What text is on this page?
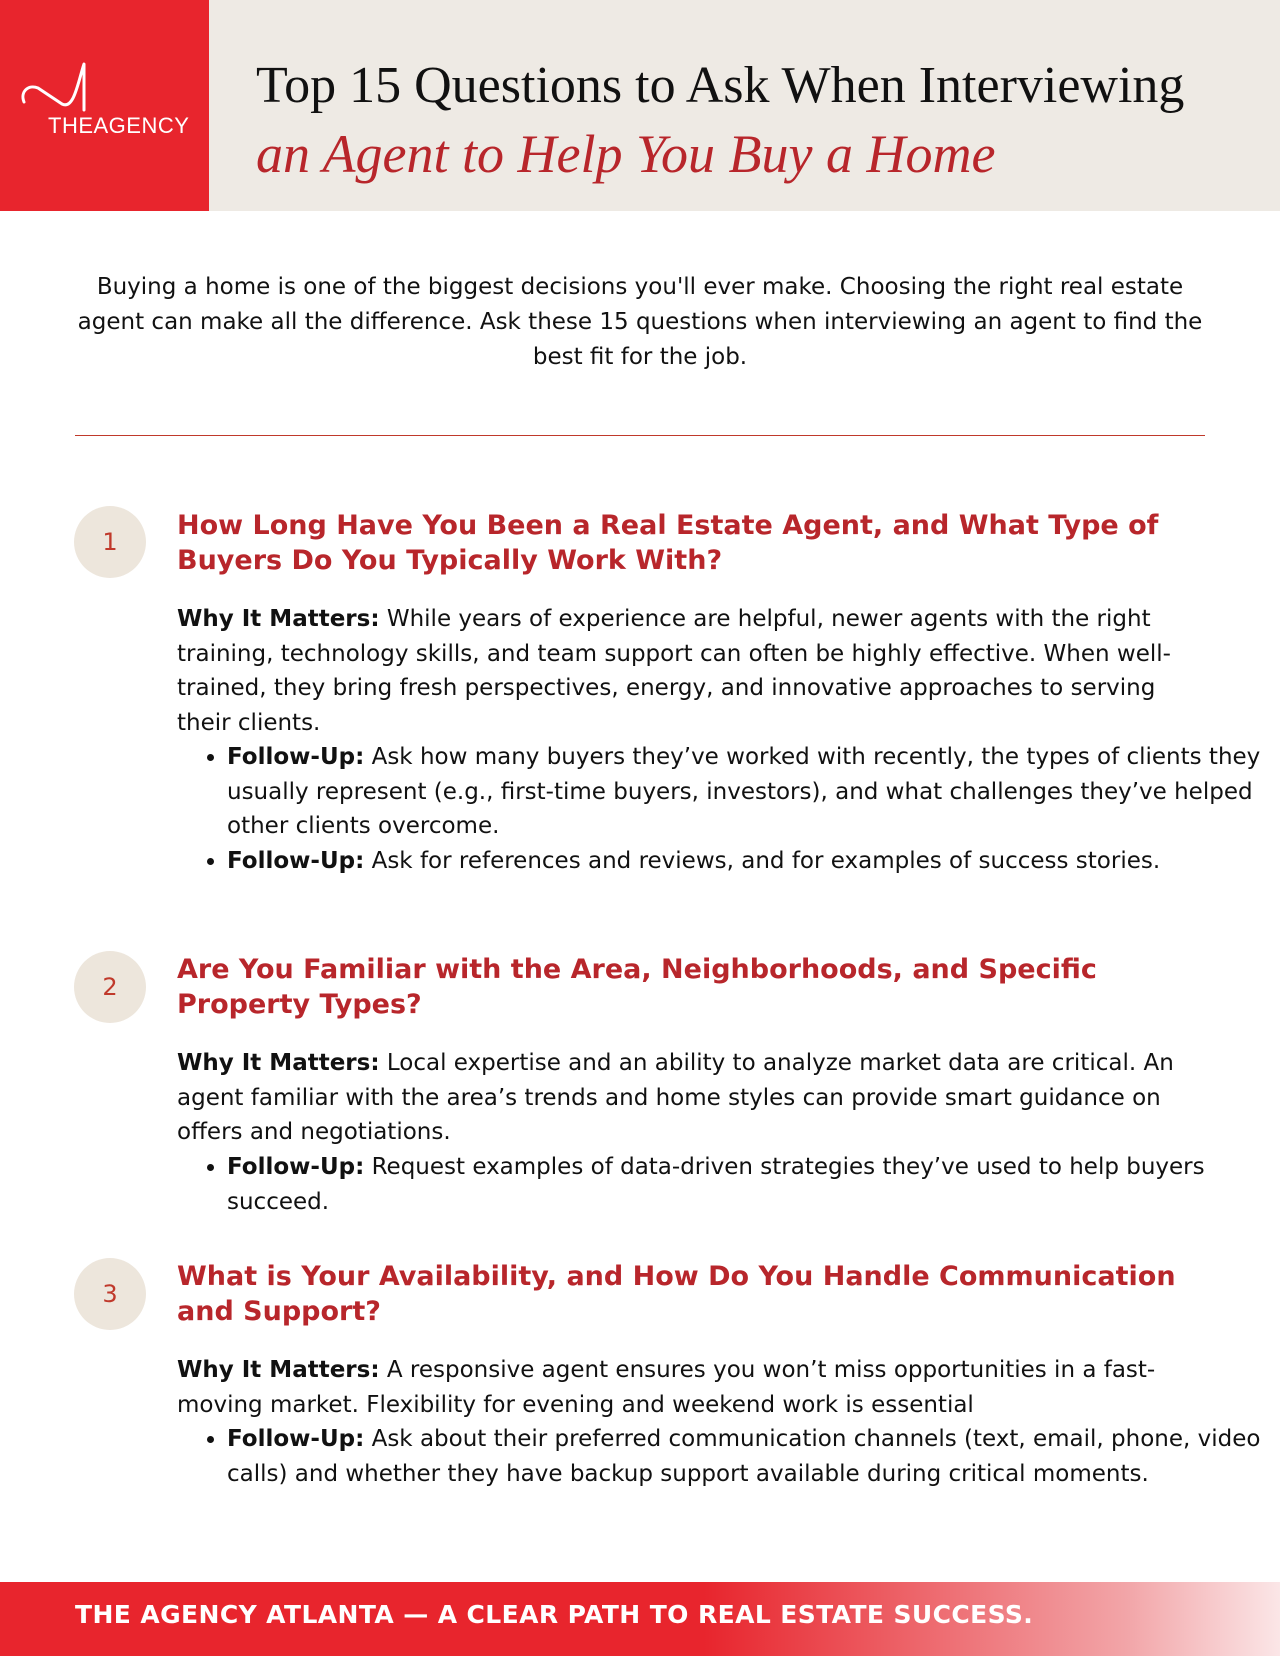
THEAGENCY
Top 15 Questions to Ask When Interviewing
an Agent to Help You Buy a Home
Buying a home is one of the biggest decisions you'll ever make. Choosing the right real estate agent can make all the difference. Ask these 15 questions when interviewing an agent to find the best fit for the job.
1
How Long Have You Been a Real Estate Agent, and What Type of Buyers Do You Typically Work With?

Why It Matters: While years of experience are helpful, newer agents with the right training, technology skills, and team support can often be highly effective. When well-trained, they bring fresh perspectives, energy, and innovative approaches to serving their clients.

• Follow-Up: Ask how many buyers they’ve worked with recently, the types of clients they usually represent (e.g., first-time buyers, investors), and what challenges they’ve helped other clients overcome.
• Follow-Up: Ask for references and reviews, and for examples of success stories.
2
Are You Familiar with the Area, Neighborhoods, and Specific Property Types?

Why It Matters: Local expertise and an ability to analyze market data are critical. An agent familiar with the area’s trends and home styles can provide smart guidance on offers and negotiations.

• Follow-Up: Request examples of data-driven strategies they’ve used to help buyers succeed.
3
What is Your Availability, and How Do You Handle Communication and Support?

Why It Matters: A responsive agent ensures you won’t miss opportunities in a fast-moving market. Flexibility for evening and weekend work is essential

• Follow-Up: Ask about their preferred communication channels (text, email, phone, video calls) and whether they have backup support available during critical moments.
THE AGENCY ATLANTA — A CLEAR PATH TO REAL ESTATE SUCCESS.
